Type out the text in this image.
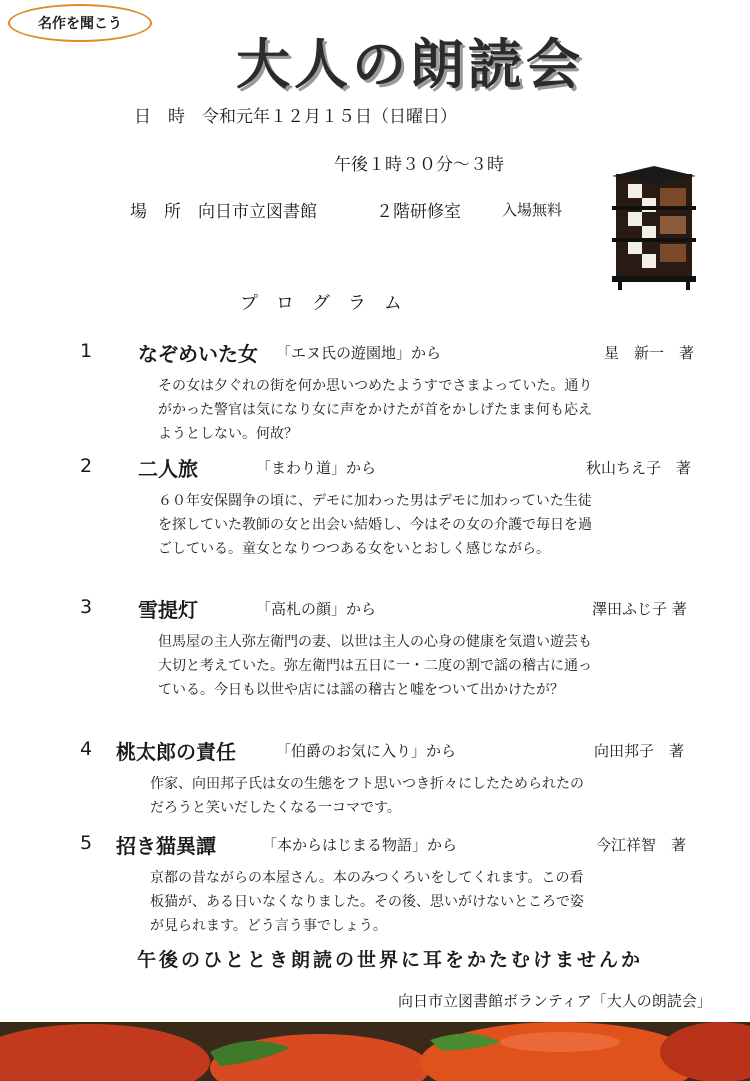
名作を聞こう
大人の朗読会
日　時　 令和元年１２月１５日（日曜日）
午後１時３０分～３時
場　所　 向日市立図書館	２階研修室	入場無料
プログラム
1 なぞめいた女 「エヌ氏の遊園地」から	星　新一　著
その女は夕ぐれの街を何か思いつめたようすでさまよっていた。通りがかった警官は気になり女に声をかけたが首をかしげたまま何も応えようとしない。何故？
2 二人旅	「まわり道」から	秋山ちえ子　著
６０年安保闘争の頃に、デモに加わった男はデモに加わっていた生徒を探していた教師の女と出会い結婚し、今はその女の介護で毎日を過ごしている。童女となりつつある女をいとおしく感じながら。
3 雪提灯	「高札の顔」から	澤田ふじ子 著
但馬屋の主人弥左衛門の妻、以世は主人の心身の健康を気遣い遊芸も大切と考えていた。弥左衛門は五日に一・二度の割で謡の稽古に通っている。今日も以世や店には謡の稽古と嘘をついて出かけたが？
4 桃太郎の責任	「伯爵のお気に入り」から	向田邦子　著
作家、向田邦子氏は女の生態をフト思いつき折々にしたためられたのだろうと笑いだしたくなる一コマです。
5 招き猫異譚	「本からはじまる物語」から	今江祥智　著
京都の昔ながらの本屋さん。本のみつくろいをしてくれます。この看板猫が、ある日いなくなりました。その後、思いがけないところで姿が見られます。どう言う事でしょう。
午後のひととき朗読の世界に耳をかたむけませんか
向日市立図書館ボランティア「大人の朗読会」
